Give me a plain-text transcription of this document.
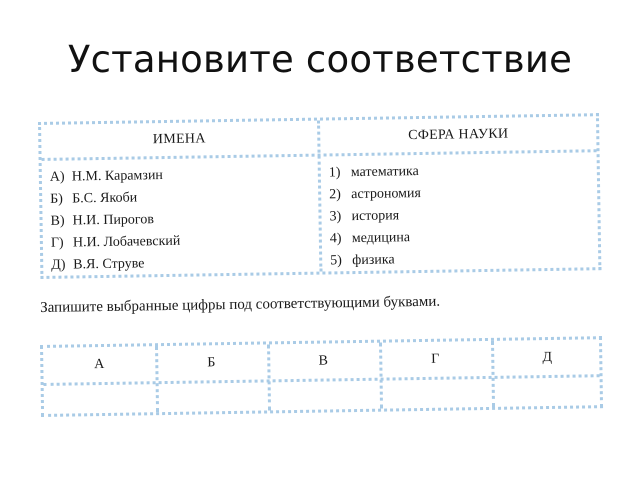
Установите соответствие
ИМЕНА	СФЕРА НАУКИ
А) Н.М. Карамзин
Б) Б.С. Якоби
В) Н.И. Пирогов
Г) Н.И. Лобачевский
Д) В.Я. Струве
1) математика
2) астрономия
3) история
4) медицина
5) физика
Запишите выбранные цифры под соответствующими буквами.
А	Б	В	Г	Д
